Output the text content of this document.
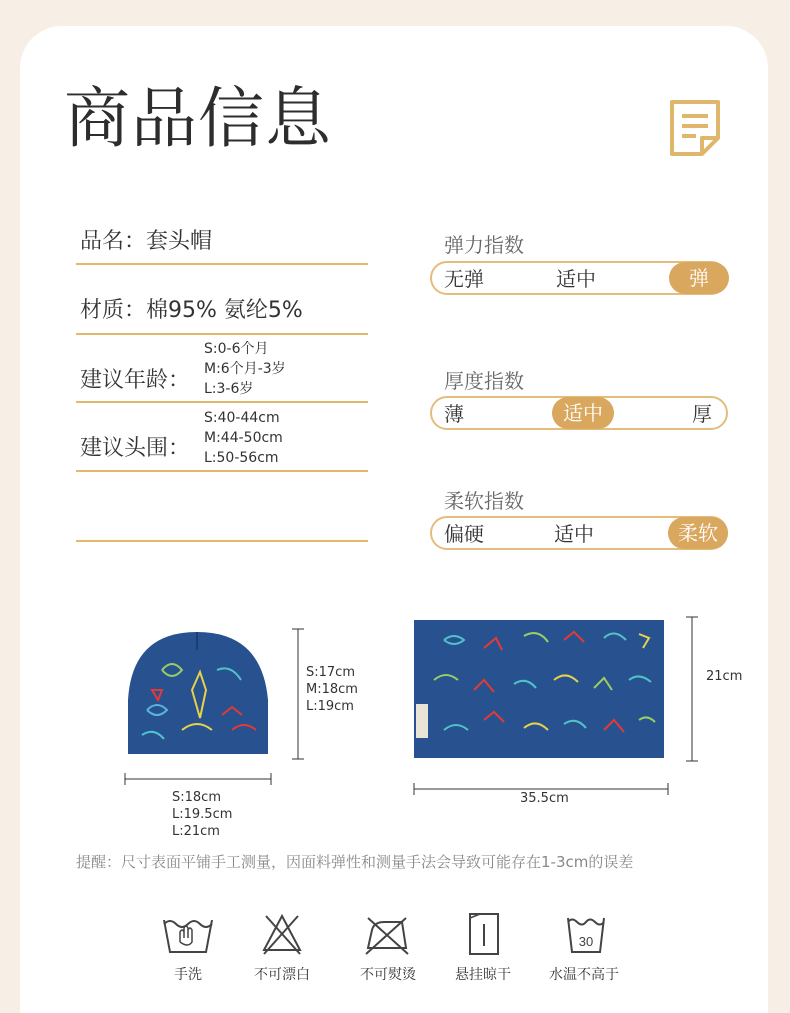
商品信息
品名：套头帽
材质：棉95% 氨纶5%
建议年龄：
S:0-6个月
M:6个月-3岁
L:3-6岁
建议头围：
S:40-44cm
M:44-50cm
L:50-56cm
弹力指数
无弹	适中	弹
厚度指数
薄	适中	厚
柔软指数
偏硬	适中	柔软
S:17cm
M:18cm
L:19cm
S:18cm
L:19.5cm
L:21cm
21cm
35.5cm
提醒：尺寸表面平铺手工测量，因面料弹性和测量手法会导致可能存在1-3cm的误差
手洗	不可漂白	不可熨烫	悬挂晾干
30
水温不高于
